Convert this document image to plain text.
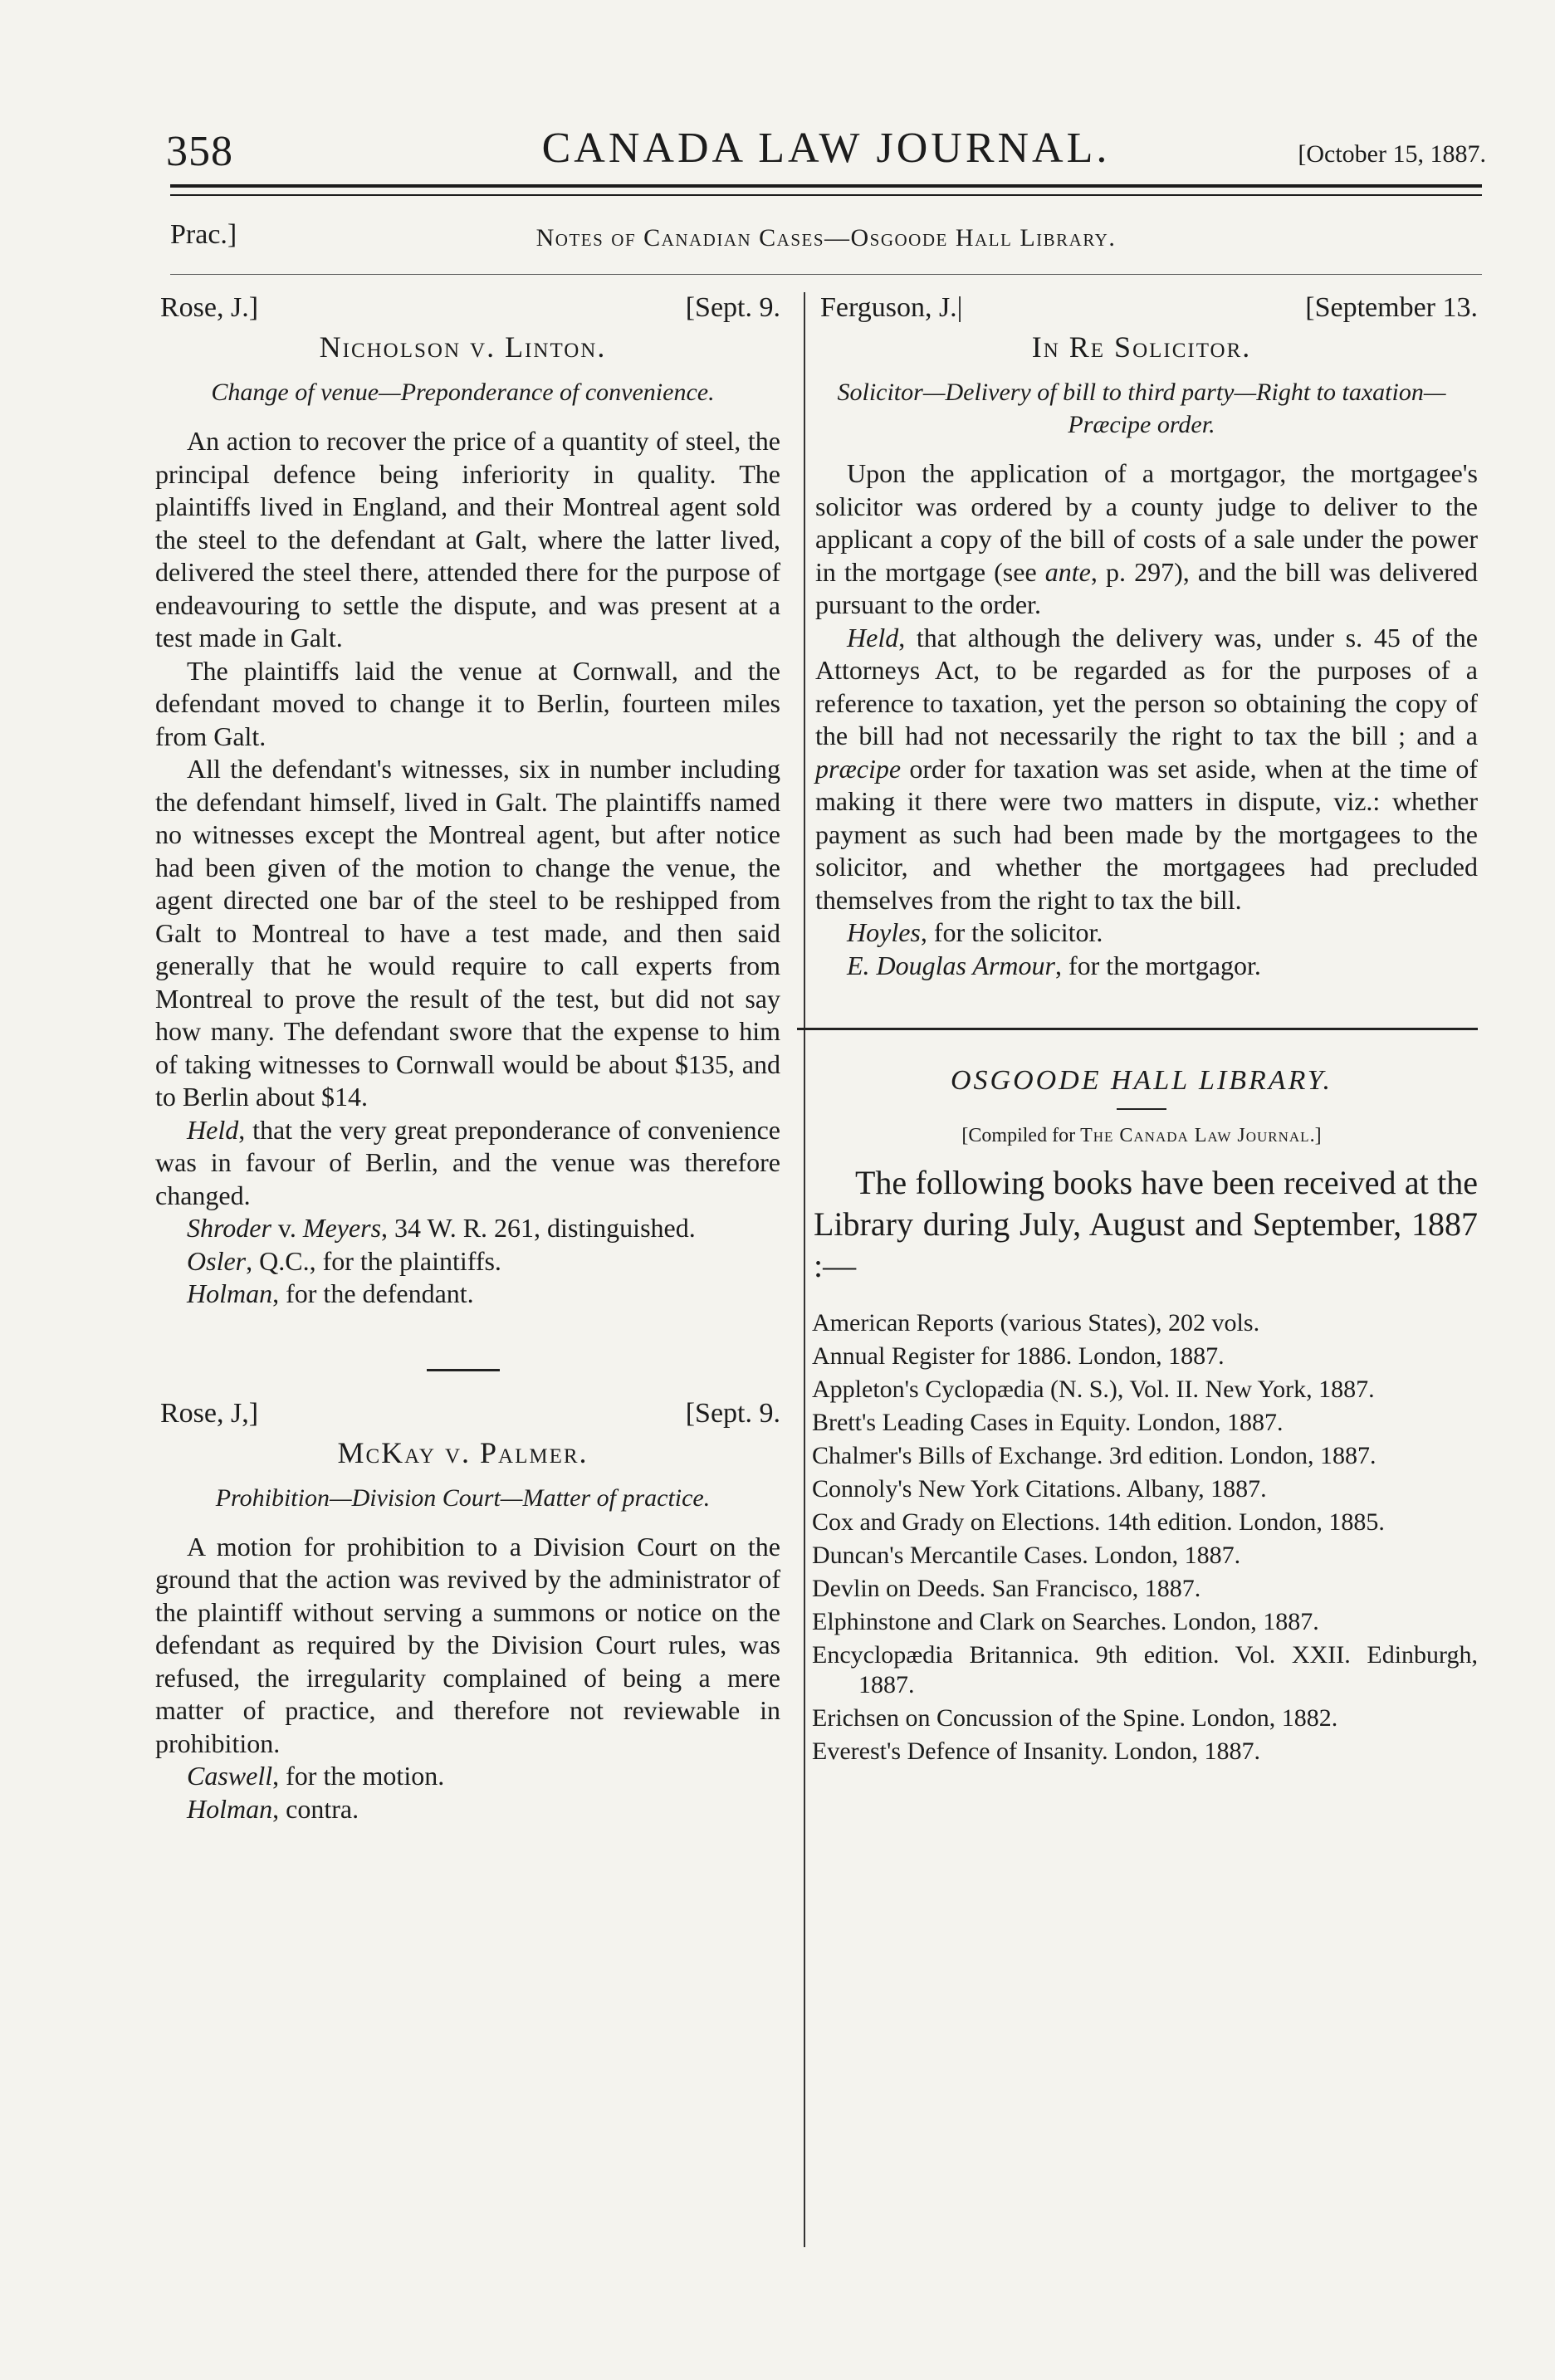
358	CANADA LAW JOURNAL.	[October 15, 1887.
Prac.]	Notes of Canadian Cases—Osgoode Hall Library.
Rose, J.]	[Sept. 9.
Nicholson v. Linton.
Change of venue—Preponderance of convenience.

An action to recover the price of a quantity of steel, the principal defence being inferiority in quality. The plaintiffs lived in England, and their Montreal agent sold the steel to the defendant at Galt, where the latter lived, delivered the steel there, attended there for the purpose of endeavouring to settle the dispute, and was present at a test made in Galt.

The plaintiffs laid the venue at Cornwall, and the defendant moved to change it to Berlin, fourteen miles from Galt.

All the defendant's witnesses, six in number including the defendant himself, lived in Galt. The plaintiffs named no witnesses except the Montreal agent, but after notice had been given of the motion to change the venue, the agent directed one bar of the steel to be reshipped from Galt to Montreal to have a test made, and then said generally that he would require to call experts from Montreal to prove the result of the test, but did not say how many. The defendant swore that the expense to him of taking witnesses to Cornwall would be about $135, and to Berlin about $14.

Held, that the very great preponderance of convenience was in favour of Berlin, and the venue was therefore changed.

Shroder v. Meyers, 34 W. R. 261, distinguished.

Osler, Q.C., for the plaintiffs.

Holman, for the defendant.

Rose, J,]	[Sept. 9.
McKay v. Palmer.
Prohibition—Division Court—Matter of practice.

A motion for prohibition to a Division Court on the ground that the action was revived by the administrator of the plaintiff without serving a summons or notice on the defendant as required by the Division Court rules, was refused, the irregularity complained of being a mere matter of practice, and therefore not reviewable in prohibition.

Caswell, for the motion.

Holman, contra.

Ferguson, J.|	[September 13.
In Re Solicitor.
Solicitor—Delivery of bill to third party—Right to taxation—Præcipe order.

Upon the application of a mortgagor, the mortgagee's solicitor was ordered by a county judge to deliver to the applicant a copy of the bill of costs of a sale under the power in the mortgage (see ante, p. 297), and the bill was delivered pursuant to the order.

Held, that although the delivery was, under s. 45 of the Attorneys Act, to be regarded as for the purposes of a reference to taxation, yet the person so obtaining the copy of the bill had not necessarily the right to tax the bill ; and a præcipe order for taxation was set aside, when at the time of making it there were two matters in dispute, viz.: whether payment as such had been made by the mortgagees to the solicitor, and whether the mortgagees had precluded themselves from the right to tax the bill.

Hoyles, for the solicitor.

E. Douglas Armour, for the mortgagor.

OSGOODE HALL LIBRARY.
[Compiled for The Canada Law Journal.]
The following books have been received at the Library during July, August and September, 1887 :—
American Reports (various States), 202 vols.
Annual Register for 1886. London, 1887.
Appleton's Cyclopædia (N. S.), Vol. II. New York, 1887.
Brett's Leading Cases in Equity. London, 1887.
Chalmer's Bills of Exchange. 3rd edition. London, 1887.
Connoly's New York Citations. Albany, 1887.
Cox and Grady on Elections. 14th edition. London, 1885.
Duncan's Mercantile Cases. London, 1887.
Devlin on Deeds. San Francisco, 1887.
Elphinstone and Clark on Searches. London, 1887.
Encyclopædia Britannica. 9th edition. Vol. XXII. Edinburgh, 1887.
Erichsen on Concussion of the Spine. London, 1882.
Everest's Defence of Insanity. London, 1887.
